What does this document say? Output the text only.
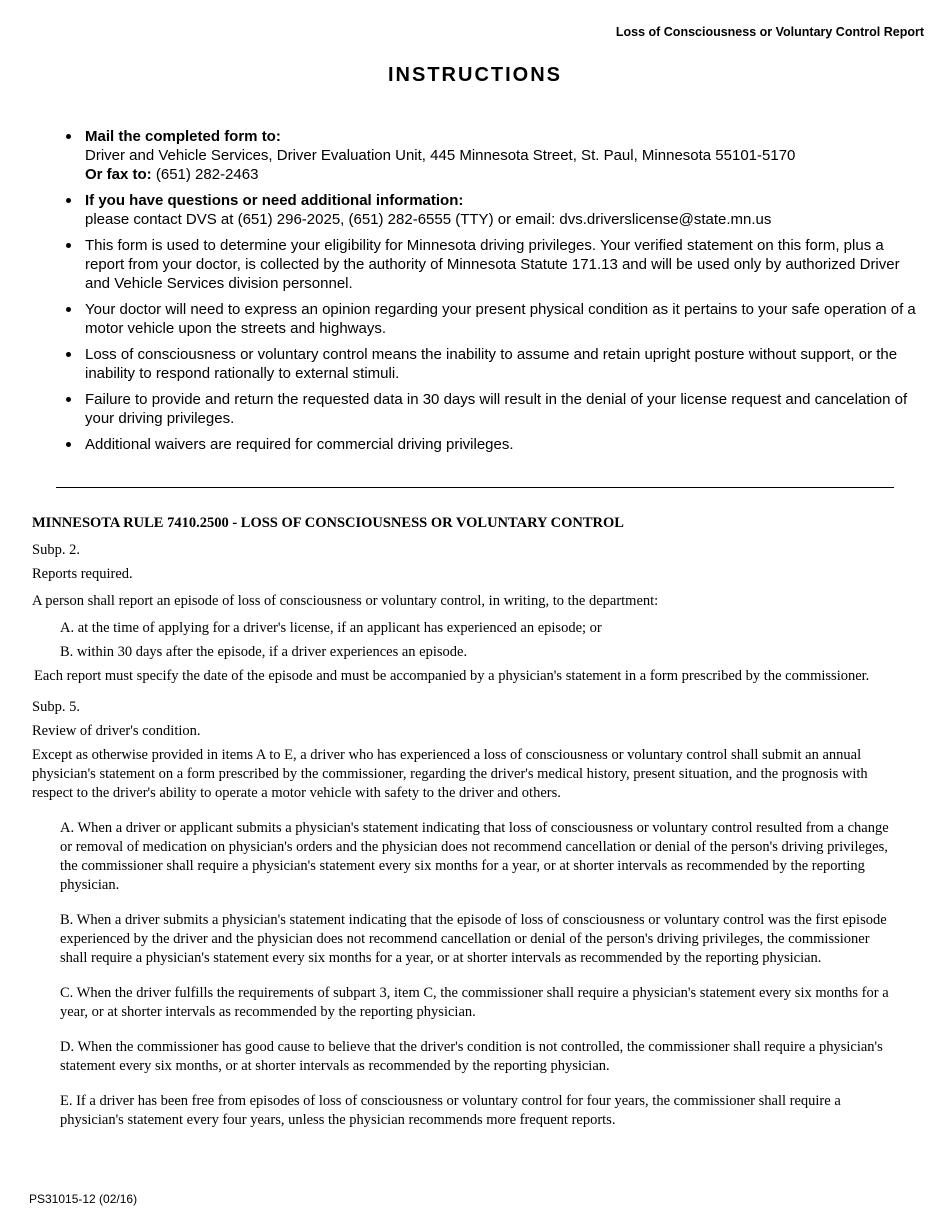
Loss of Consciousness or Voluntary Control Report
INSTRUCTIONS
Mail the completed form to:
Driver and Vehicle Services, Driver Evaluation Unit, 445 Minnesota Street, St. Paul, Minnesota 55101-5170
Or fax to: (651) 282-2463
If you have questions or need additional information:
please contact DVS at (651) 296-2025, (651) 282-6555 (TTY) or email: dvs.driverslicense@state.mn.us
This form is used to determine your eligibility for Minnesota driving privileges. Your verified statement on this form, plus a report from your doctor, is collected by the authority of Minnesota Statute 171.13 and will be used only by authorized Driver and Vehicle Services division personnel.
Your doctor will need to express an opinion regarding your present physical condition as it pertains to your safe operation of a motor vehicle upon the streets and highways.
Loss of consciousness or voluntary control means the inability to assume and retain upright posture without support, or the inability to respond rationally to external stimuli.
Failure to provide and return the requested data in 30 days will result in the denial of your license request and cancelation of your driving privileges.
Additional waivers are required for commercial driving privileges.
MINNESOTA RULE 7410.2500 - LOSS OF CONSCIOUSNESS OR VOLUNTARY CONTROL

Subp. 2.

Reports required.

A person shall report an episode of loss of consciousness or voluntary control, in writing, to the department:

A. at the time of applying for a driver's license, if an applicant has experienced an episode; or

B. within 30 days after the episode, if a driver experiences an episode.

Each report must specify the date of the episode and must be accompanied by a physician's statement in a form prescribed by the commissioner.

Subp. 5.

Review of driver's condition.

Except as otherwise provided in items A to E, a driver who has experienced a loss of consciousness or voluntary control shall submit an annual physician's statement on a form prescribed by the commissioner, regarding the driver's medical history, present situation, and the prognosis with respect to the driver's ability to operate a motor vehicle with safety to the driver and others.

A. When a driver or applicant submits a physician's statement indicating that loss of consciousness or voluntary control resulted from a change or removal of medication on physician's orders and the physician does not recommend cancellation or denial of the person's driving privileges, the commissioner shall require a physician's statement every six months for a year, or at shorter intervals as recommended by the reporting physician.

B. When a driver submits a physician's statement indicating that the episode of loss of consciousness or voluntary control was the first episode experienced by the driver and the physician does not recommend cancellation or denial of the person's driving privileges, the commissioner shall require a physician's statement every six months for a year, or at shorter intervals as recommended by the reporting physician.

C. When the driver fulfills the requirements of subpart 3, item C, the commissioner shall require a physician's statement every six months for a year, or at shorter intervals as recommended by the reporting physician.

D. When the commissioner has good cause to believe that the driver's condition is not controlled, the commissioner shall require a physician's statement every six months, or at shorter intervals as recommended by the reporting physician.

E. If a driver has been free from episodes of loss of consciousness or voluntary control for four years, the commissioner shall require a physician's statement every four years, unless the physician recommends more frequent reports.

PS31015-12 (02/16)
